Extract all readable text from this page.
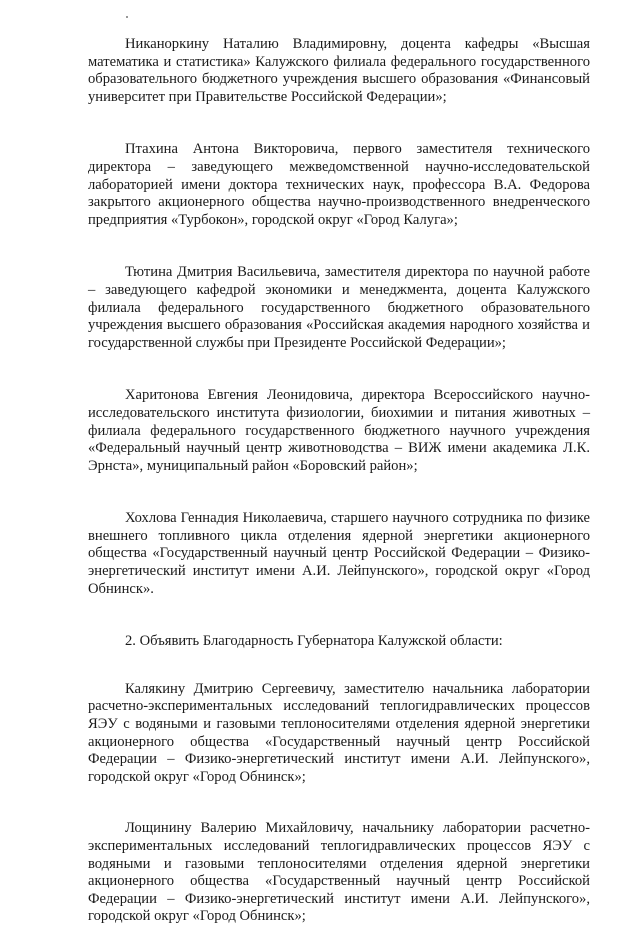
Никаноркину Наталию Владимировну, доцента кафедры «Высшая математика и статистика» Калужского филиала федерального государственного образовательного бюджетного учреждения высшего образования «Финансовый университет при Правительстве Российской Федерации»;

Птахина Антона Викторовича, первого заместителя технического директора – заведующего межведомственной научно-исследовательской лабораторией имени доктора технических наук, профессора В.А. Федорова закрытого акционерного общества научно-производственного внедренческого предприятия «Турбокон», городской округ «Город Калуга»;

Тютина Дмитрия Васильевича, заместителя директора по научной работе – заведующего кафедрой экономики и менеджмента, доцента Калужского филиала федерального государственного бюджетного образовательного учреждения высшего образования «Российская академия народного хозяйства и государственной службы при Президенте Российской Федерации»;

Харитонова Евгения Леонидовича, директора Всероссийского научно-исследовательского института физиологии, биохимии и питания животных – филиала федерального государственного бюджетного научного учреждения «Федеральный научный центр животноводства – ВИЖ имени академика Л.К. Эрнста», муниципальный район «Боровский район»;

Хохлова Геннадия Николаевича, старшего научного сотрудника по физике внешнего топливного цикла отделения ядерной энергетики акционерного общества «Государственный научный центр Российской Федерации – Физико-энергетический институт имени А.И. Лейпунского», городской округ «Город Обнинск».

2. Объявить Благодарность Губернатора Калужской области:

Калякину Дмитрию Сергеевичу, заместителю начальника лаборатории расчетно-экспериментальных исследований теплогидравлических процессов ЯЭУ с водяными и газовыми теплоносителями отделения ядерной энергетики акционерного общества «Государственный научный центр Российской Федерации – Физико-энергетический институт имени А.И. Лейпунского», городской округ «Город Обнинск»;

Лощинину Валерию Михайловичу, начальнику лаборатории расчетно-экспериментальных исследований теплогидравлических процессов ЯЭУ с водяными и газовыми теплоносителями отделения ядерной энергетики акционерного общества «Государственный научный центр Российской Федерации – Физико-энергетический институт имени А.И. Лейпунского», городской округ «Город Обнинск»;
